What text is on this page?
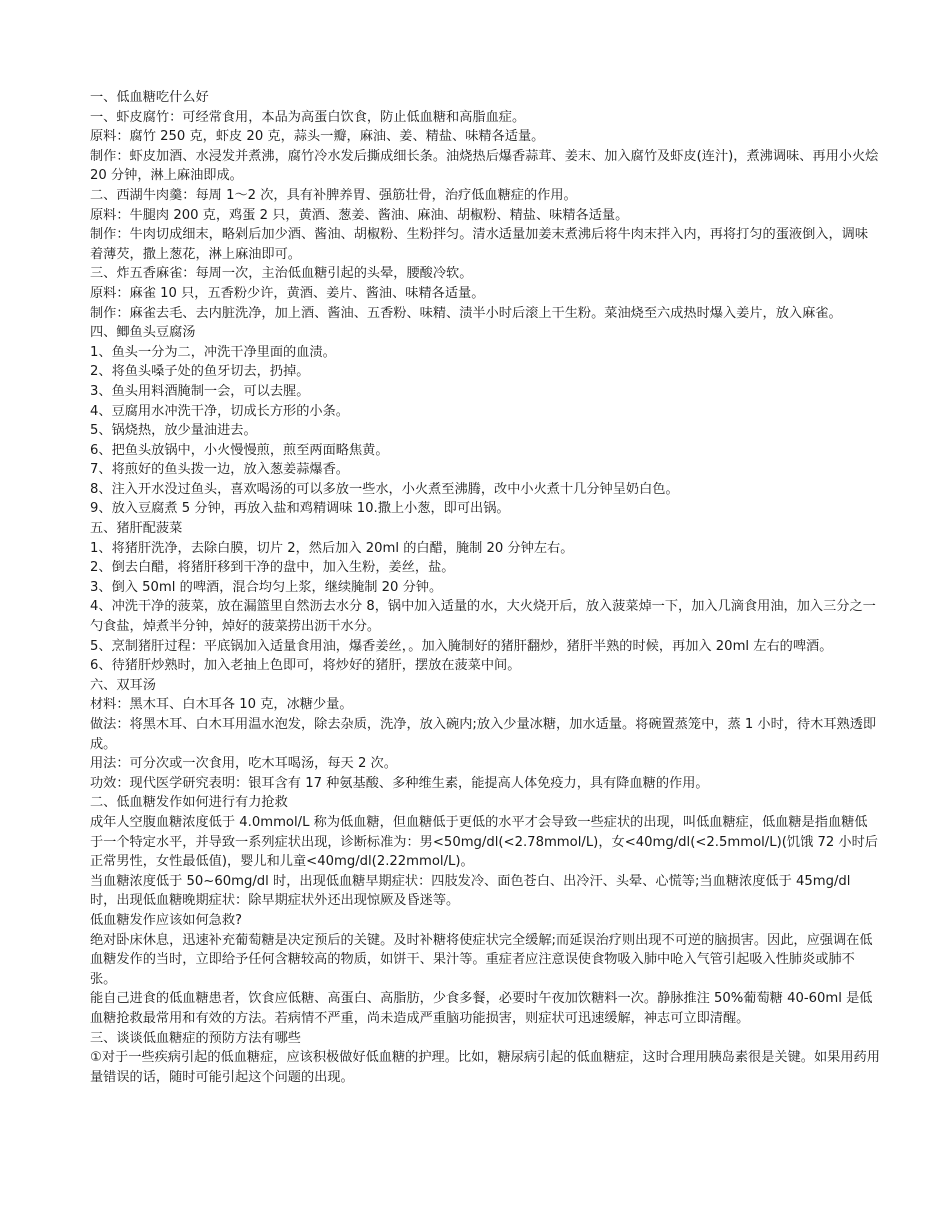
一、低血糖吃什么好

一、虾皮腐竹：可经常食用，本品为高蛋白饮食，防止低血糖和高脂血症。

原料：腐竹 250 克，虾皮 20 克，蒜头一瓣，麻油、姜、精盐、味精各适量。

制作：虾皮加酒、水浸发并煮沸，腐竹冷水发后撕成细长条。油烧热后爆香蒜茸、姜末、加入腐竹及虾皮(连汁)，煮沸调味、再用小火烩 20 分钟，淋上麻油即成。

二、西湖牛肉羹：每周 1～2 次，具有补脾养胃、强筋壮骨，治疗低血糖症的作用。

原料：牛腿肉 200 克，鸡蛋 2 只，黄酒、葱姜、酱油、麻油、胡椒粉、精盐、味精各适量。

制作：牛肉切成细末，略剁后加少酒、酱油、胡椒粉、生粉拌匀。清水适量加姜末煮沸后将牛肉末拌入内，再将打匀的蛋液倒入，调味着薄芡，撒上葱花，淋上麻油即可。

三、炸五香麻雀：每周一次，主治低血糖引起的头晕，腰酸冷软。

原料：麻雀 10 只，五香粉少许，黄酒、姜片、酱油、味精各适量。

制作：麻雀去毛、去内脏洗净，加上酒、酱油、五香粉、味精、渍半小时后滚上干生粉。菜油烧至六成热时爆入姜片，放入麻雀。

四、鲫鱼头豆腐汤

1、鱼头一分为二，冲洗干净里面的血渍。

2、将鱼头嗓子处的鱼牙切去，扔掉。

3、鱼头用料酒腌制一会，可以去腥。

4、豆腐用水冲洗干净，切成长方形的小条。

5、锅烧热，放少量油进去。

6、把鱼头放锅中，小火慢慢煎，煎至两面略焦黄。

7、将煎好的鱼头拨一边，放入葱姜蒜爆香。

8、注入开水没过鱼头，喜欢喝汤的可以多放一些水，小火煮至沸腾，改中小火煮十几分钟呈奶白色。

9、放入豆腐煮 5 分钟，再放入盐和鸡精调味 10.撒上小葱，即可出锅。

五、猪肝配菠菜

1、将猪肝洗净，去除白膜，切片 2，然后加入 20ml 的白醋，腌制 20 分钟左右。

2、倒去白醋，将猪肝移到干净的盘中，加入生粉，姜丝，盐。

3、倒入 50ml 的啤酒，混合均匀上浆，继续腌制 20 分钟。

4、冲洗干净的菠菜，放在漏篮里自然沥去水分 8，锅中加入适量的水，大火烧开后，放入菠菜焯一下，加入几滴食用油，加入三分之一勺食盐，焯煮半分钟，焯好的菠菜捞出沥干水分。

5、烹制猪肝过程：平底锅加入适量食用油，爆香姜丝，。加入腌制好的猪肝翻炒，猪肝半熟的时候，再加入 20ml 左右的啤酒。

6、待猪肝炒熟时，加入老抽上色即可，将炒好的猪肝，摆放在菠菜中间。

六、双耳汤

材料：黑木耳、白木耳各 10 克，冰糖少量。

做法：将黑木耳、白木耳用温水泡发，除去杂质，洗净，放入碗内;放入少量冰糖，加水适量。将碗置蒸笼中，蒸 1 小时，待木耳熟透即成。

用法：可分次或一次食用，吃木耳喝汤，每天 2 次。

功效：现代医学研究表明：银耳含有 17 种氨基酸、多种维生素，能提高人体免疫力，具有降血糖的作用。

二、低血糖发作如何进行有力抢救

成年人空腹血糖浓度低于 4.0mmol/L 称为低血糖，但血糖低于更低的水平才会导致一些症状的出现，叫低血糖症，低血糖是指血糖低于一个特定水平，并导致一系列症状出现，诊断标准为：男<50mg/dl(<2.78mmol/L)，女<40mg/dl(<2.5mmol/L)(饥饿 72 小时后正常男性，女性最低值)，婴儿和儿童<40mg/dl(2.22mmol/L)。

当血糖浓度低于 50~60mg/dl 时，出现低血糖早期症状：四肢发冷、面色苍白、出冷汗、头晕、心慌等;当血糖浓度低于 45mg/dl 时，出现低血糖晚期症状：除早期症状外还出现惊厥及昏迷等。

低血糖发作应该如何急救?

绝对卧床休息，迅速补充葡萄糖是决定预后的关键。及时补糖将使症状完全缓解;而延误治疗则出现不可逆的脑损害。因此，应强调在低血糖发作的当时，立即给予任何含糖较高的物质，如饼干、果汁等。重症者应注意误使食物吸入肺中呛入气管引起吸入性肺炎或肺不张。

能自己进食的低血糖患者，饮食应低糖、高蛋白、高脂肪，少食多餐，必要时午夜加饮糖料一次。静脉推注 50%葡萄糖 40-60ml 是低血糖抢救最常用和有效的方法。若病情不严重，尚未造成严重脑功能损害，则症状可迅速缓解，神志可立即清醒。

三、谈谈低血糖症的预防方法有哪些

①对于一些疾病引起的低血糖症，应该积极做好低血糖的护理。比如，糖尿病引起的低血糖症，这时合理用胰岛素很是关键。如果用药用量错误的话，随时可能引起这个问题的出现。
